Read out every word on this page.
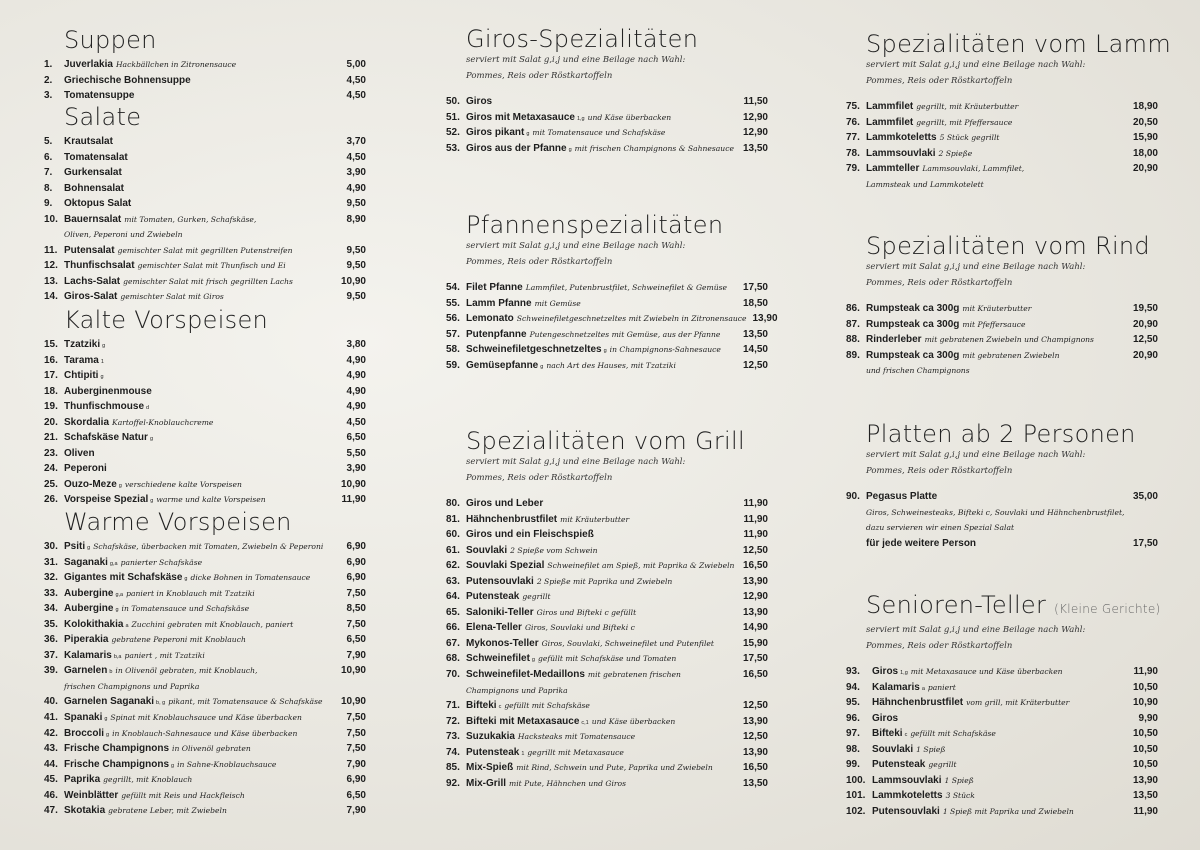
Suppen
1.	Juverlakia Hackbällchen in Zitronensauce	5,00
2.	Griechische Bohnensuppe	4,50
3.	Tomatensuppe	4,50
Salate
5.	Krautsalat	3,70
6.	Tomatensalat	4,50
7.	Gurkensalat	3,90
8.	Bohnensalat	4,90
9.	Oktopus Salat	9,50
10. Bauernsalat mit Tomaten, Gurken, Schafskäse,	8,90
Oliven, Peperoni und Zwiebeln
11. Putensalat gemischter Salat mit gegrillten Putenstreifen	9,50
12. Thunfischsalat gemischter Salat mit Thunfisch und Ei	9,50
13. Lachs-Salat gemischter Salat mit frisch gegrillten Lachs	10,90
14. Giros-Salat gemischter Salat mit Giros	9,50
Kalte Vorspeisen
15. Tzatziki g	3,80
16. Tarama 1	4,90
17. Chtipiti g	4,90
18. Auberginenmouse	4,90
19. Thunfischmouse d	4,90
20. Skordalia Kartoffel-Knoblauchcreme	4,50
21. Schafskäse Natur g	6,50
23. Oliven	5,50
24. Peperoni	3,90
25. Ouzo-Meze g verschiedene kalte Vorspeisen	10,90
26. Vorspeise Spezial g warme und kalte Vorspeisen	11,90
Warme Vorspeisen
30. Psiti g Schafskäse, überbacken mit Tomaten, Zwiebeln & Peperoni	6,90
31. Saganaki g,a panierter Schafskäse	6,90
32. Gigantes mit Schafskäse g dicke Bohnen in Tomatensauce	6,90
33. Aubergine g,a paniert in Knoblauch mit Tzatziki	7,50
34. Aubergine g in Tomatensauce und Schafskäse	8,50
35. Kolokithakia a Zucchini gebraten mit Knoblauch, paniert	7,50
36. Piperakia gebratene Peperoni mit Knoblauch	6,50
37. Kalamaris b,a paniert , mit Tzatziki	7,90
39. Garnelen b in Olivenöl gebraten, mit Knoblauch,	10,90
frischen Champignons und Paprika
40. Garnelen Saganaki b, g pikant, mit Tomatensauce & Schafskäse	10,90
41. Spanaki g Spinat mit Knoblauchsauce und Käse überbacken	7,50
42. Broccoli g in Knoblauch-Sahnesauce und Käse überbacken	7,50
43. Frische Champignons in Olivenöl gebraten	7,50
44. Frische Champignons g in Sahne-Knoblauchsauce	7,90
45. Paprika gegrillt, mit Knoblauch	6,90
46. Weinblätter gefüllt mit Reis und Hackfleisch	6,50
47. Skotakia gebratene Leber, mit Zwiebeln	7,90
Giros-Spezialitäten
serviert mit Salat g,i,j und eine Beilage nach Wahl:
Pommes, Reis oder Röstkartoffeln
50. Giros	11,50
51. Giros mit Metaxasauce 1,g und Käse überbacken	12,90
52. Giros pikant g mit Tomatensauce und Schafskäse	12,90
53. Giros aus der Pfanne g mit frischen Champignons & Sahnesauce 13,50
Pfannenspezialitäten
serviert mit Salat g,i,j und eine Beilage nach Wahl:
Pommes, Reis oder Röstkartoffeln
54. Filet Pfanne Lammfilet, Putenbrustfilet, Schweinefilet & Gemüse	17,50
55. Lamm Pfanne mit Gemüse	18,50
56. Lemonato Schweinefiletgeschnetzeltes mit Zwiebeln in Zitronensauce 13,90
57. Putenpfanne Putengeschnetzeltes mit Gemüse, aus der Pfanne	13,50
58. Schweinefiletgeschnetzeltes g in Champignons-Sahnesauce	14,50
59. Gemüsepfanne g nach Art des Hauses, mit Tzatziki	12,50
Spezialitäten vom Grill
serviert mit Salat g,i,j und eine Beilage nach Wahl:
Pommes, Reis oder Röstkartoffeln
80. Giros und Leber	11,90
81. Hähnchenbrustfilet mit Kräuterbutter	11,90
60. Giros und ein Fleischspieß	11,90
61. Souvlaki 2 Spieße vom Schwein	12,50
62. Souvlaki Spezial Schweinefilet am Spieß, mit Paprika & Zwiebeln 16,50
63. Putensouvlaki 2 Spieße mit Paprika und Zwiebeln	13,90
64. Putensteak gegrillt	12,90
65. Saloniki-Teller Giros und Bifteki c gefüllt	13,90
66. Elena-Teller Giros, Souvlaki und Bifteki c	14,90
67. Mykonos-Teller Giros, Souvlaki, Schweinefilet und Putenfilet	15,90
68. Schweinefilet g gefüllt mit Schafskäse und Tomaten	17,50
70. Schweinefilet-Medaillons mit gebratenen frischen	16,50
Champignons und Paprika
71. Bifteki c gefüllt mit Schafskäse	12,50
72. Bifteki mit Metaxasauce c,1 und Käse überbacken	13,90
73. Suzukakia Hacksteaks mit Tomatensauce	12,50
74. Putensteak 1 gegrillt mit Metaxasauce	13,90
85. Mix-Spieß mit Rind, Schwein und Pute, Paprika und Zwiebeln	16,50
92. Mix-Grill mit Pute, Hähnchen und Giros	13,50
Spezialitäten vom Lamm
serviert mit Salat g,i,j und eine Beilage nach Wahl:
Pommes, Reis oder Röstkartoffeln
75. Lammfilet gegrillt, mit Kräuterbutter	18,90
76. Lammfilet gegrillt, mit Pfeffersauce	20,50
77. Lammkoteletts 5 Stück gegrillt	15,90
78. Lammsouvlaki 2 Spieße	18,00
79. Lammteller Lammsouvlaki, Lammfilet,	20,90
Lammsteak und Lammkotelett
Spezialitäten vom Rind
serviert mit Salat g,i,j und eine Beilage nach Wahl:
Pommes, Reis oder Röstkartoffeln
86. Rumpsteak ca 300g mit Kräuterbutter	19,50
87. Rumpsteak ca 300g mit Pfeffersauce	20,90
88. Rinderleber mit gebratenen Zwiebeln und Champignons	12,50
89. Rumpsteak ca 300g mit gebratenen Zwiebeln	20,90
und frischen Champignons
Platten ab 2 Personen
serviert mit Salat g,i,j und eine Beilage nach Wahl:
Pommes, Reis oder Röstkartoffeln
90. Pegasus Platte	35,00
Giros, Schweinesteaks, Bifteki c, Souvlaki und Hähnchenbrustfilet,
dazu servieren wir einen Spezial Salat
für jede weitere Person	17,50
Senioren-Teller (Kleine Gerichte)
serviert mit Salat g,i,j und eine Beilage nach Wahl:
Pommes, Reis oder Röstkartoffeln
93.	Giros 1,g mit Metaxasauce und Käse überbacken	11,90
94.	Kalamaris a paniert	10,50
95.	Hähnchenbrustfilet vom grill, mit Kräterbutter	10,90
96.	Giros	9,90
97.	Bifteki c gefüllt mit Schafskäse	10,50
98.	Souvlaki 1 Spieß	10,50
99.	Putensteak gegrillt	10,50
100. Lammsouvlaki 1 Spieß	13,90
101. Lammkoteletts 3 Stück	13,50
102. Putensouvlaki 1 Spieß mit Paprika und Zwiebeln	11,90
